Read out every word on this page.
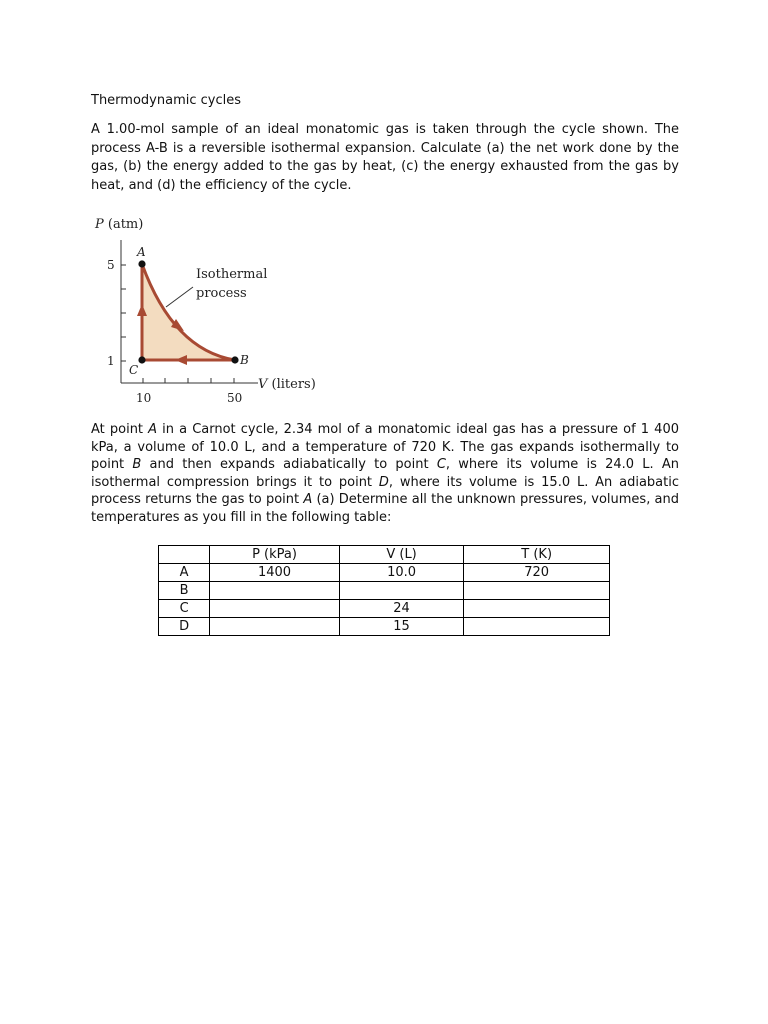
Thermodynamic cycles

A 1.00-mol sample of an ideal monatomic gas is taken through the cycle shown. The process A-B is a reversible isothermal expansion. Calculate (a) the net work done by the gas, (b) the energy added to the gas by heat, (c) the energy exhausted from the gas by heat, and (d) the efficiency of the cycle.

P (atm)
5
1
10	50
V (liters)
A
B
C
Isothermal
process

At point A in a Carnot cycle, 2.34 mol of a monatomic ideal gas has a pressure of 1 400 kPa, a volume of 10.0 L, and a temperature of 720 K. The gas expands isothermally to point B and then expands adiabatically to point C, where its volume is 24.0 L. An isothermal compression brings it to point D, where its volume is 15.0 L. An adiabatic process returns the gas to point A (a) Determine all the unknown pressures, volumes, and temperatures as you fill in the following table:

	P (kPa)	V (L)	T (K)
A	1400	10.0	720
B			
C		24	
D		15	
